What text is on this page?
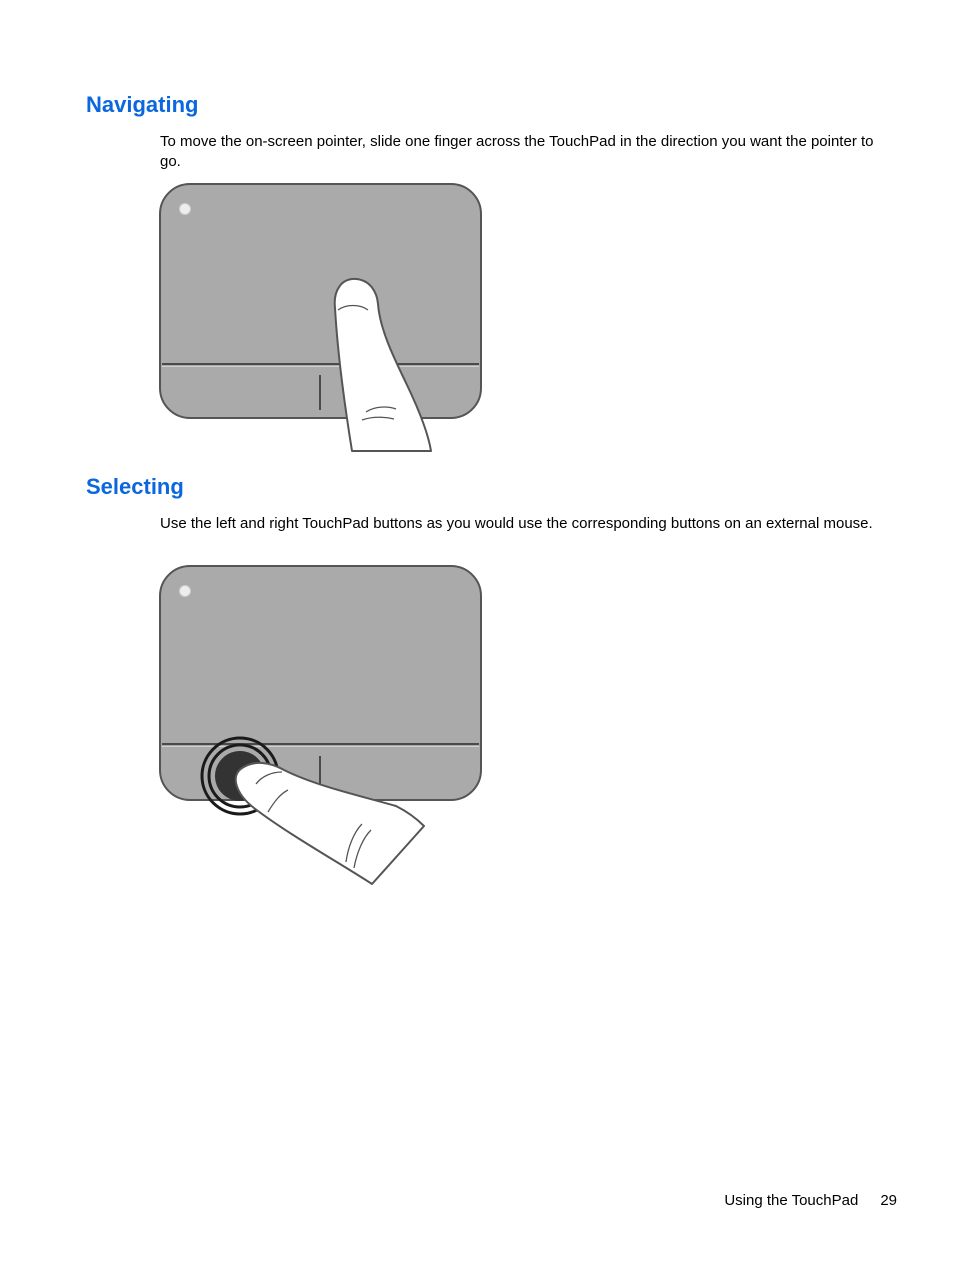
Navigating

To move the on-screen pointer, slide one finger across the TouchPad in the direction you want the pointer to go.

Selecting

Use the left and right TouchPad buttons as you would use the corresponding buttons on an external mouse.

Using the TouchPad 29
